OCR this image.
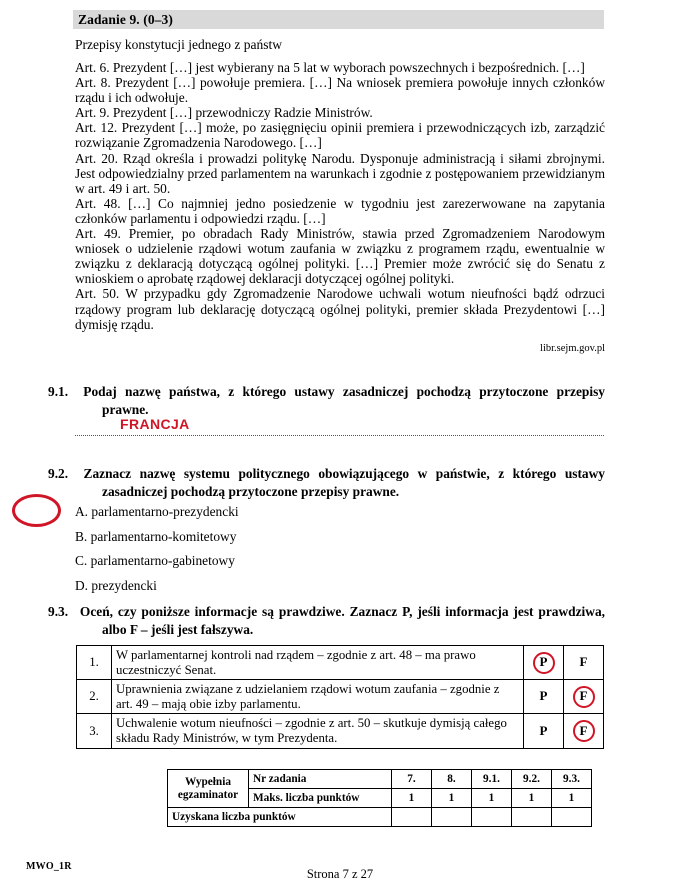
Zadanie 9. (0–3)
Przepisy konstytucji jednego z państw

Art. 6. Prezydent […] jest wybierany na 5 lat w wyborach powszechnych i bezpośrednich. […]

Art. 8. Prezydent […] powołuje premiera. […] Na wniosek premiera powołuje innych członków rządu i ich odwołuje.

Art. 9. Prezydent […] przewodniczy Radzie Ministrów.

Art. 12. Prezydent […] może, po zasięgnięciu opinii premiera i przewodniczących izb, zarządzić rozwiązanie Zgromadzenia Narodowego. […]

Art. 20. Rząd określa i prowadzi politykę Narodu. Dysponuje administracją i siłami zbrojnymi. Jest odpowiedzialny przed parlamentem na warunkach i zgodnie z postępowaniem przewidzianym w art. 49 i art. 50.

Art. 48. […] Co najmniej jedno posiedzenie w tygodniu jest zarezerwowane na zapytania członków parlamentu i odpowiedzi rządu. […]

Art. 49. Premier, po obradach Rady Ministrów, stawia przed Zgromadzeniem Narodowym wniosek o udzielenie rządowi wotum zaufania w związku z programem rządu, ewentualnie w związku z deklaracją dotyczącą ogólnej polityki. […] Premier może zwrócić się do Senatu z wnioskiem o aprobatę rządowej deklaracji dotyczącej ogólnej polityki.

Art. 50. W przypadku gdy Zgromadzenie Narodowe uchwali wotum nieufności bądź odrzuci rządowy program lub deklarację dotyczącą ogólnej polityki, premier składa Prezydentowi […] dymisję rządu.

libr.sejm.gov.pl
9.1. Podaj nazwę państwa, z którego ustawy zasadniczej pochodzą przytoczone przepisy prawne.
FRANCJA
9.2. Zaznacz nazwę systemu politycznego obowiązującego w państwie, z którego ustawy zasadniczej pochodzą przytoczone przepisy prawne.
A. parlamentarno-prezydencki
B. parlamentarno-komitetowy
C. parlamentarno-gabinetowy
D. prezydencki
9.3. Oceń, czy poniższe informacje są prawdziwe. Zaznacz P, jeśli informacja jest prawdziwa, albo F – jeśli jest fałszywa.
1.	W parlamentarnej kontroli nad rządem – zgodnie z art. 48 – ma prawo uczestniczyć Senat.	P	F
2.	Uprawnienia związane z udzielaniem rządowi wotum zaufania – zgodnie z art. 49 – mają obie izby parlamentu.	P	F
3.	Uchwalenie wotum nieufności – zgodnie z art. 50 – skutkuje dymisją całego składu Rady Ministrów, w tym Prezydenta.	P	F
Wypełnia
egzaminator	Nr zadania	7.	8.	9.1.	9.2.	9.3.
	Maks. liczba punktów	1	1	1	1	1
Uzyskana liczba punktów						
MWO_1R
Strona 7 z 27
